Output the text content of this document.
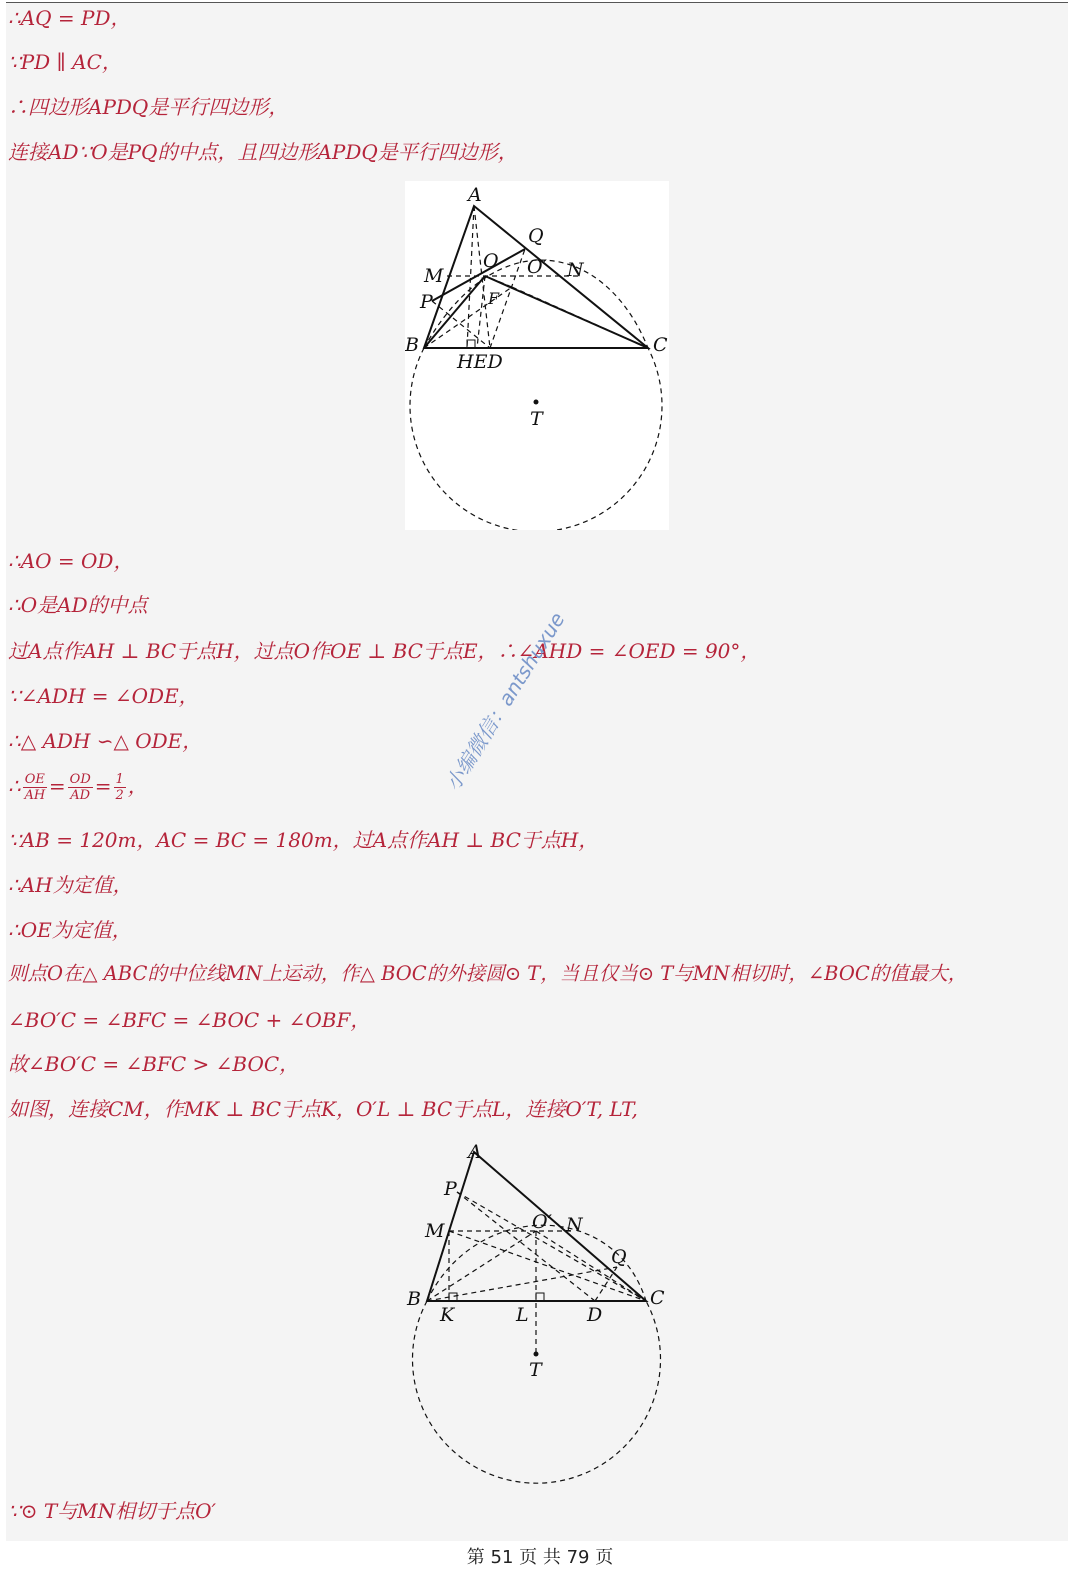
∴AQ = PD，
∵PD ∥ AC，
∴四边形APDQ是平行四边形，
连接AD∵O是PQ的中点，且四边形APDQ是平行四边形，
A
Q
M
O O′ N
P	F
B	C
HED
T
∴AO = OD，
∴O是AD的中点
过A点作AH ⊥ BC于点H，过点O作OE ⊥ BC于点E，∴∠AHD = ∠OED = 90°，
∵∠ADH = ∠ODE，
∴△ ADH ∽△ ODE，
∴ $\frac{OE}{AH} = \frac{OD}{AD} = \frac{1}{2}$ ，
∵AB = 120m，AC = BC = 180m，过A点作AH ⊥ BC于点H，
∴AH为定值，
∴OE为定值，
则点O在△ ABC的中位线MN上运动，作△ BOC的外接圆⊙ T，当且仅当⊙ T与MN相切时，∠BOC的值最大，
∠BO′C = ∠BFC = ∠BOC + ∠OBF，
故∠BO′C = ∠BFC > ∠BOC，
如图，连接CM，作MK ⊥ BC于点K，O′L ⊥ BC于点L，连接O′T, LT,
A
P
M	O′ N
Q
B
K	L	D
C
T
∵⊙ T与MN相切于点O′
小编微信：antshuxue
第 51 页 共 79 页
